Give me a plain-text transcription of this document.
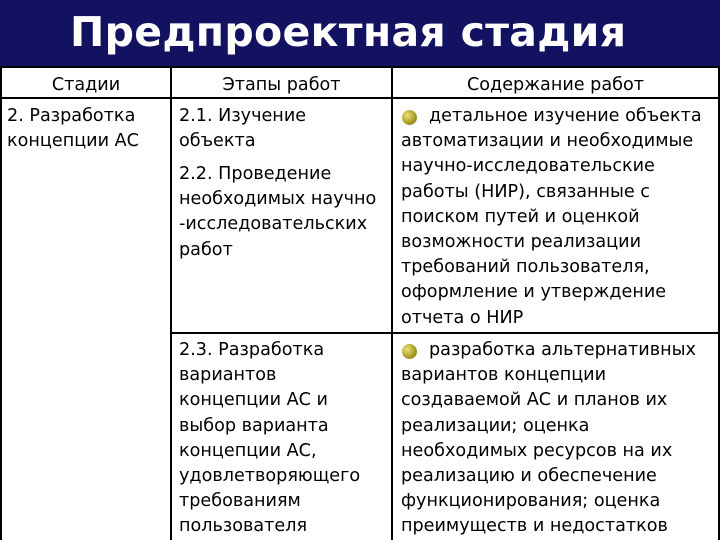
Предпроектная стадия
Стадии	Этапы работ	Содержание работ
2. Разработка
концепции АС
2.1. Изучение
объекта
2.2. Проведение
необходимых научно
-исследовательских
работ
2.3. Разработка
вариантов
концепции АС и
выбор варианта
концепции АС,
удовлетворяющего
требованиям
пользователя
детальное изучение объекта
автоматизации и необходимые
научно-исследовательские
работы (НИР), связанные с
поиском путей и оценкой
возможности реализации
требований пользователя,
оформление и утверждение
отчета о НИР
разработка альтернативных
вариантов концепции
создаваемой АС и планов их
реализации; оценка
необходимых ресурсов на их
реализацию и обеспечение
функционирования; оценка
преимуществ и недостатков
